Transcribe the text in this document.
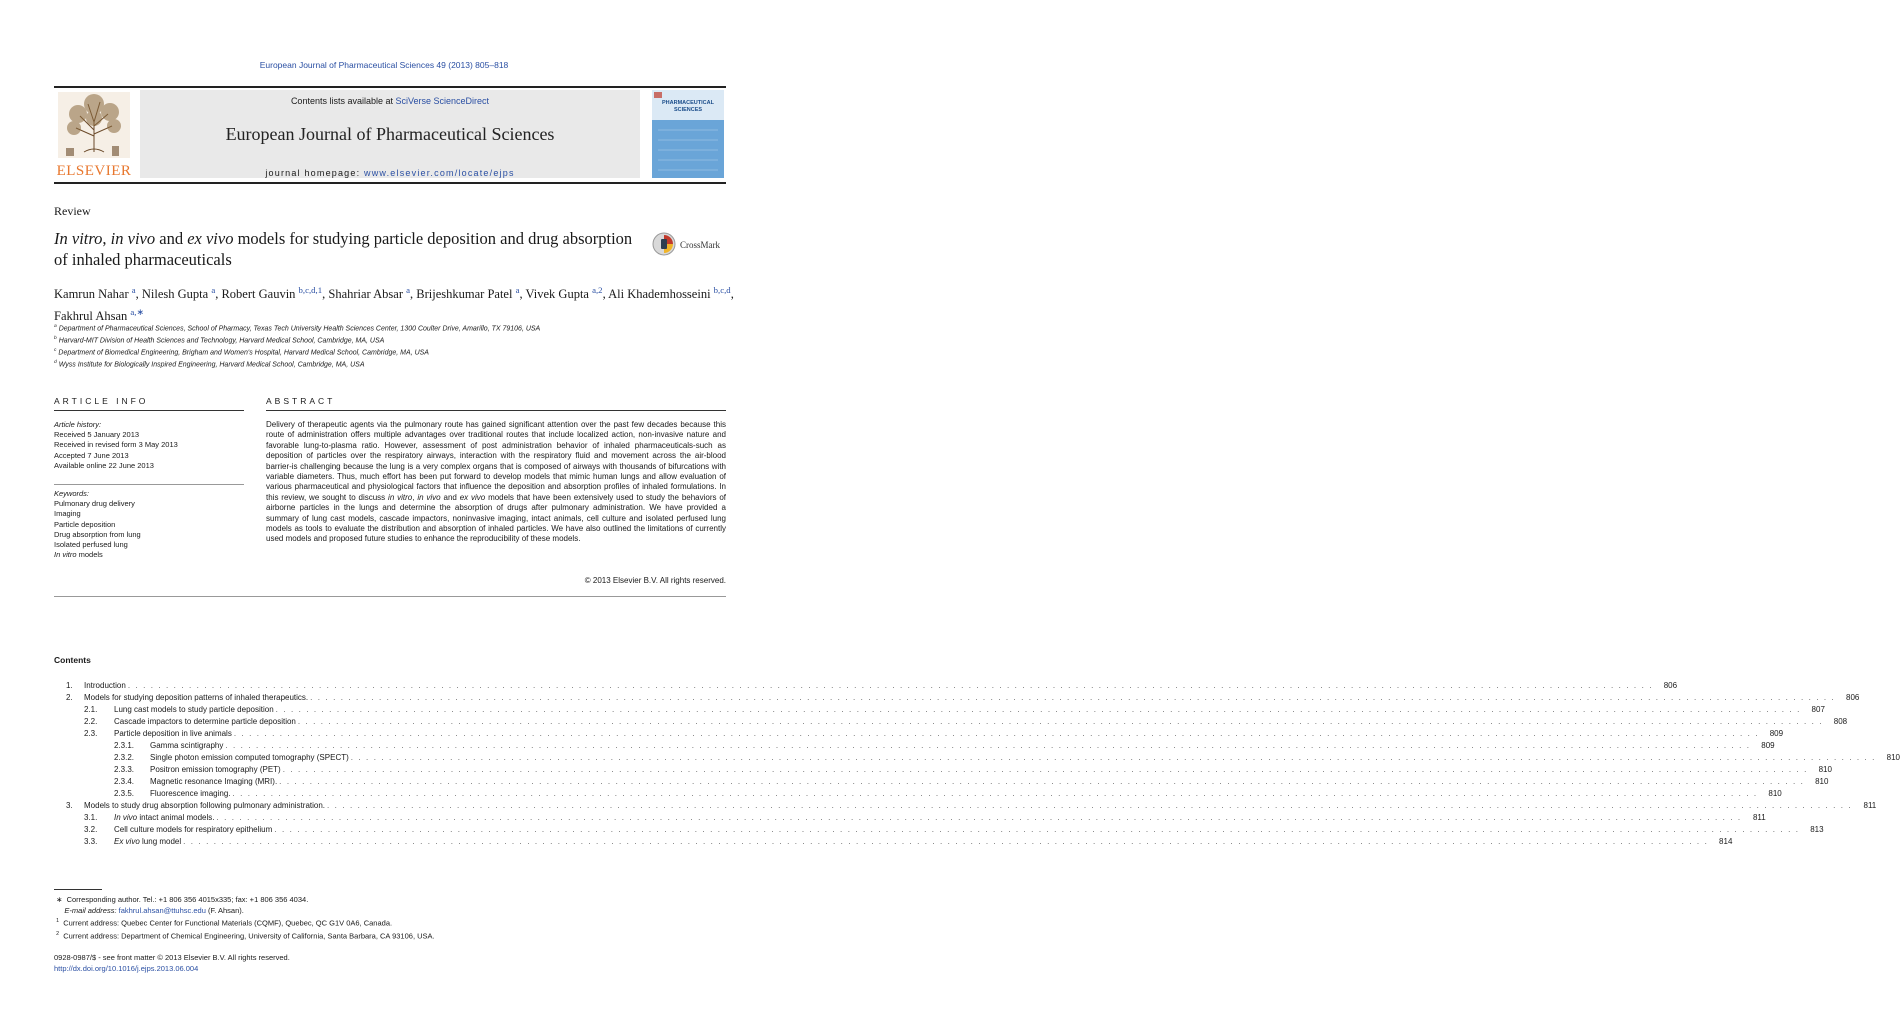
European Journal of Pharmaceutical Sciences 49 (2013) 805–818
ELSEVIER
Contents lists available at SciVerse ScienceDirect
European Journal of Pharmaceutical Sciences
journal homepage: www.elsevier.com/locate/ejps
PHARMACEUTICAL
SCIENCES
Review
In vitro, in vivo and ex vivo models for studying particle deposition and drug absorption of inhaled pharmaceuticals
CrossMark
Kamrun Nahar $^a$, Nilesh Gupta $^a$, Robert Gauvin $^{b,c,d,1}$, Shahriar Absar $^a$, Brijeshkumar Patel $^a$, Vivek Gupta $^{a,2}$, Ali Khademhosseini $^{b,c,d}$, Fakhrul Ahsan $^{a,∗}$
$^a$ Department of Pharmaceutical Sciences, School of Pharmacy, Texas Tech University Health Sciences Center, 1300 Coulter Drive, Amarillo, TX 79106, USA
$^b$ Harvard-MIT Division of Health Sciences and Technology, Harvard Medical School, Cambridge, MA, USA
$^c$ Department of Biomedical Engineering, Brigham and Women's Hospital, Harvard Medical School, Cambridge, MA, USA
$^d$ Wyss Institute for Biologically Inspired Engineering, Harvard Medical School, Cambridge, MA, USA
ARTICLE INFO	ABSTRACT
Article history:
Received 5 January 2013
Received in revised form 3 May 2013
Accepted 7 June 2013
Available online 22 June 2013
Keywords:
Pulmonary drug delivery
Imaging
Particle deposition
Drug absorption from lung
Isolated perfused lung
In vitro models
Delivery of therapeutic agents via the pulmonary route has gained significant attention over the past few decades because this route of administration offers multiple advantages over traditional routes that include localized action, non-invasive nature and favorable lung-to-plasma ratio. However, assessment of post administration behavior of inhaled pharmaceuticals-such as deposition of particles over the respiratory airways, interaction with the respiratory fluid and movement across the air-blood barrier-is challenging because the lung is a very complex organs that is composed of airways with thousands of bifurcations with variable diameters. Thus, much effort has been put forward to develop models that mimic human lungs and allow evaluation of various pharmaceutical and physiological factors that influence the deposition and absorption profiles of inhaled formulations. In this review, we sought to discuss in vitro, in vivo and ex vivo models that have been extensively used to study the behaviors of airborne particles in the lungs and determine the absorption of drugs after pulmonary administration. We have provided a summary of lung cast models, cascade impactors, noninvasive imaging, intact animals, cell culture and isolated perfused lung models as tools to evaluate the distribution and absorption of inhaled particles. We have also outlined the limitations of currently used models and proposed future studies to enhance the reproducibility of these models.
© 2013 Elsevier B.V. All rights reserved.
Contents
1.	Introduction . . . . . . . . . . . . . . . . . . . . . . . . . . . . . . . . . . . . . . . . . . . . . . . . . . . . . . . . . . . . . . . . . . . . . . . . . . . . . . . . . . . . . . . . . . . . . . . . . . . . . . . . . . . . . . . . . . . . . . . . . . . . . . . . . . . . . . . . . . . . . . . . . . . . . . . . . . . . . . . . . . . . . . . . . . . . . . . . . . . . . . . . . . . . . . . . . . . . . . . .	806
2.	Models for studying deposition patterns of inhaled therapeutics. . . . . . . . . . . . . . . . . . . . . . . . . . . . . . . . . . . . . . . . . . . . . . . . . . . . . . . . . . . . . . . . . . . . . . . . . . . . . . . . . . . . . . . . . . . . . . . . . . . . . . . . . . . . . . . . . . . . . . . . . . . . . . . . . . . . . . . . . . . . . . . . . . . . . . . . . . . . . . . . . . . . . . . . . . . . . . . . . . . . . . . . . . . . . . . . . . . . . . . . .	806
2.1.	Lung cast models to study particle deposition . . . . . . . . . . . . . . . . . . . . . . . . . . . . . . . . . . . . . . . . . . . . . . . . . . . . . . . . . . . . . . . . . . . . . . . . . . . . . . . . . . . . . . . . . . . . . . . . . . . . . . . . . . . . . . . . . . . . . . . . . . . . . . . . . . . . . . . . . . . . . . . . . . . . . . . . . . . . . . . . . . . . . . . . . . . . . . . . . . . . . . . . . . . . . . . . . . . . . . . .	807
2.2.	Cascade impactors to determine particle deposition . . . . . . . . . . . . . . . . . . . . . . . . . . . . . . . . . . . . . . . . . . . . . . . . . . . . . . . . . . . . . . . . . . . . . . . . . . . . . . . . . . . . . . . . . . . . . . . . . . . . . . . . . . . . . . . . . . . . . . . . . . . . . . . . . . . . . . . . . . . . . . . . . . . . . . . . . . . . . . . . . . . . . . . . . . . . . . . . . . . . . . . . . . . . . . . . . . . . . . . .	808
2.3.	Particle deposition in live animals . . . . . . . . . . . . . . . . . . . . . . . . . . . . . . . . . . . . . . . . . . . . . . . . . . . . . . . . . . . . . . . . . . . . . . . . . . . . . . . . . . . . . . . . . . . . . . . . . . . . . . . . . . . . . . . . . . . . . . . . . . . . . . . . . . . . . . . . . . . . . . . . . . . . . . . . . . . . . . . . . . . . . . . . . . . . . . . . . . . . . . . . . . . . . . . . . . . . . . . .	809
2.3.1.	Gamma scintigraphy . . . . . . . . . . . . . . . . . . . . . . . . . . . . . . . . . . . . . . . . . . . . . . . . . . . . . . . . . . . . . . . . . . . . . . . . . . . . . . . . . . . . . . . . . . . . . . . . . . . . . . . . . . . . . . . . . . . . . . . . . . . . . . . . . . . . . . . . . . . . . . . . . . . . . . . . . . . . . . . . . . . . . . . . . . . . . . . . . . . . . . . . . . . . . . . . . . . . . . . .	809
2.3.2.	Single photon emission computed tomography (SPECT) . . . . . . . . . . . . . . . . . . . . . . . . . . . . . . . . . . . . . . . . . . . . . . . . . . . . . . . . . . . . . . . . . . . . . . . . . . . . . . . . . . . . . . . . . . . . . . . . . . . . . . . . . . . . . . . . . . . . . . . . . . . . . . . . . . . . . . . . . . . . . . . . . . . . . . . . . . . . . . . . . . . . . . . . . . . . . . . . . . . . . . . . . . . . . . . . . . . . . . . .	810
2.3.3.	Positron emission tomography (PET) . . . . . . . . . . . . . . . . . . . . . . . . . . . . . . . . . . . . . . . . . . . . . . . . . . . . . . . . . . . . . . . . . . . . . . . . . . . . . . . . . . . . . . . . . . . . . . . . . . . . . . . . . . . . . . . . . . . . . . . . . . . . . . . . . . . . . . . . . . . . . . . . . . . . . . . . . . . . . . . . . . . . . . . . . . . . . . . . . . . . . . . . . . . . . . . . . . . . . . . .	810
2.3.4.	Magnetic resonance Imaging (MRI). . . . . . . . . . . . . . . . . . . . . . . . . . . . . . . . . . . . . . . . . . . . . . . . . . . . . . . . . . . . . . . . . . . . . . . . . . . . . . . . . . . . . . . . . . . . . . . . . . . . . . . . . . . . . . . . . . . . . . . . . . . . . . . . . . . . . . . . . . . . . . . . . . . . . . . . . . . . . . . . . . . . . . . . . . . . . . . . . . . . . . . . . . . . . . . . . . . . . . . . .	810
2.3.5.	Fluorescence imaging. . . . . . . . . . . . . . . . . . . . . . . . . . . . . . . . . . . . . . . . . . . . . . . . . . . . . . . . . . . . . . . . . . . . . . . . . . . . . . . . . . . . . . . . . . . . . . . . . . . . . . . . . . . . . . . . . . . . . . . . . . . . . . . . . . . . . . . . . . . . . . . . . . . . . . . . . . . . . . . . . . . . . . . . . . . . . . . . . . . . . . . . . . . . . . . . . . . . . . . . .	810
3.	Models to study drug absorption following pulmonary administration. . . . . . . . . . . . . . . . . . . . . . . . . . . . . . . . . . . . . . . . . . . . . . . . . . . . . . . . . . . . . . . . . . . . . . . . . . . . . . . . . . . . . . . . . . . . . . . . . . . . . . . . . . . . . . . . . . . . . . . . . . . . . . . . . . . . . . . . . . . . . . . . . . . . . . . . . . . . . . . . . . . . . . . . . . . . . . . . . . . . . . . . . . . . . . . . . . . . . . . . .	811
3.1.	In vivo intact animal models. . . . . . . . . . . . . . . . . . . . . . . . . . . . . . . . . . . . . . . . . . . . . . . . . . . . . . . . . . . . . . . . . . . . . . . . . . . . . . . . . . . . . . . . . . . . . . . . . . . . . . . . . . . . . . . . . . . . . . . . . . . . . . . . . . . . . . . . . . . . . . . . . . . . . . . . . . . . . . . . . . . . . . . . . . . . . . . . . . . . . . . . . . . . . . . . . . . . . . . . .	811
3.2.	Cell culture models for respiratory epithelium . . . . . . . . . . . . . . . . . . . . . . . . . . . . . . . . . . . . . . . . . . . . . . . . . . . . . . . . . . . . . . . . . . . . . . . . . . . . . . . . . . . . . . . . . . . . . . . . . . . . . . . . . . . . . . . . . . . . . . . . . . . . . . . . . . . . . . . . . . . . . . . . . . . . . . . . . . . . . . . . . . . . . . . . . . . . . . . . . . . . . . . . . . . . . . . . . . . . . . . .	813
3.3.	Ex vivo lung model . . . . . . . . . . . . . . . . . . . . . . . . . . . . . . . . . . . . . . . . . . . . . . . . . . . . . . . . . . . . . . . . . . . . . . . . . . . . . . . . . . . . . . . . . . . . . . . . . . . . . . . . . . . . . . . . . . . . . . . . . . . . . . . . . . . . . . . . . . . . . . . . . . . . . . . . . . . . . . . . . . . . . . . . . . . . . . . . . . . . . . . . . . . . . . . . . . . . . . . .	814
∗ Corresponding author. Tel.: +1 806 356 4015x335; fax: +1 806 356 4034.
E-mail address: fakhrul.ahsan@ttuhsc.edu (F. Ahsan).
$^1$ Current address: Quebec Center for Functional Materials (CQMF), Quebec, QC G1V 0A6, Canada.
$^2$ Current address: Department of Chemical Engineering, University of California, Santa Barbara, CA 93106, USA.
0928-0987/$ - see front matter © 2013 Elsevier B.V. All rights reserved.
http://dx.doi.org/10.1016/j.ejps.2013.06.004
